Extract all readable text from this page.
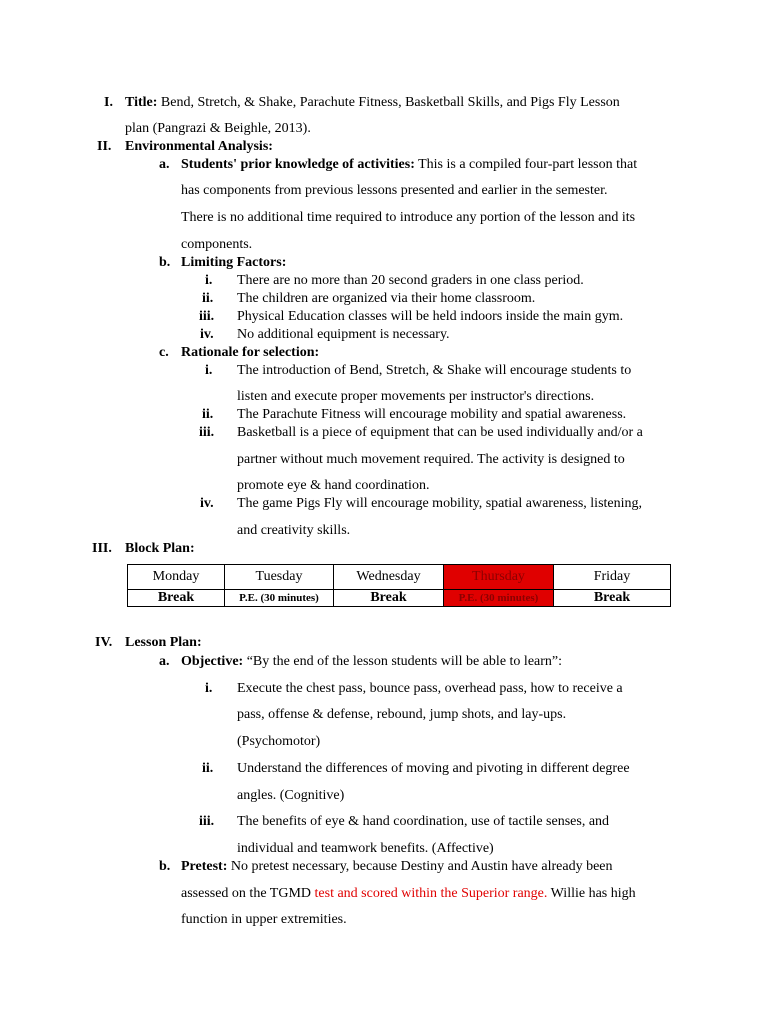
I. Title: Bend, Stretch, & Shake, Parachute Fitness, Basketball Skills, and Pigs Fly Lesson
plan (Pangrazi & Beighle, 2013).
II. Environmental Analysis:
a. Students' prior knowledge of activities: This is a compiled four-part lesson that
has components from previous lessons presented and earlier in the semester.
There is no additional time required to introduce any portion of the lesson and its
components.
b. Limiting Factors:
i. There are no more than 20 second graders in one class period.
ii. The children are organized via their home classroom.
iii. Physical Education classes will be held indoors inside the main gym.
iv. No additional equipment is necessary.
c. Rationale for selection:
i. The introduction of Bend, Stretch, & Shake will encourage students to
listen and execute proper movements per instructor's directions.
ii. The Parachute Fitness will encourage mobility and spatial awareness.
iii. Basketball is a piece of equipment that can be used individually and/or a
partner without much movement required. The activity is designed to
promote eye & hand coordination.
iv. The game Pigs Fly will encourage mobility, spatial awareness, listening,
and creativity skills.
III. Block Plan:
Monday	Tuesday	Wednesday	Thursday	Friday
Break	P.E. (30 minutes)	Break	P.E. (30 minutes)	Break
IV. Lesson Plan:
a. Objective: “By the end of the lesson students will be able to learn”:
i. Execute the chest pass, bounce pass, overhead pass, how to receive a
pass, offense & defense, rebound, jump shots, and lay-ups.
(Psychomotor)
ii. Understand the differences of moving and pivoting in different degree
angles. (Cognitive)
iii. The benefits of eye & hand coordination, use of tactile senses, and
individual and teamwork benefits. (Affective)
b. Pretest: No pretest necessary, because Destiny and Austin have already been
assessed on the TGMD test and scored within the Superior range. Willie has high
function in upper extremities.
